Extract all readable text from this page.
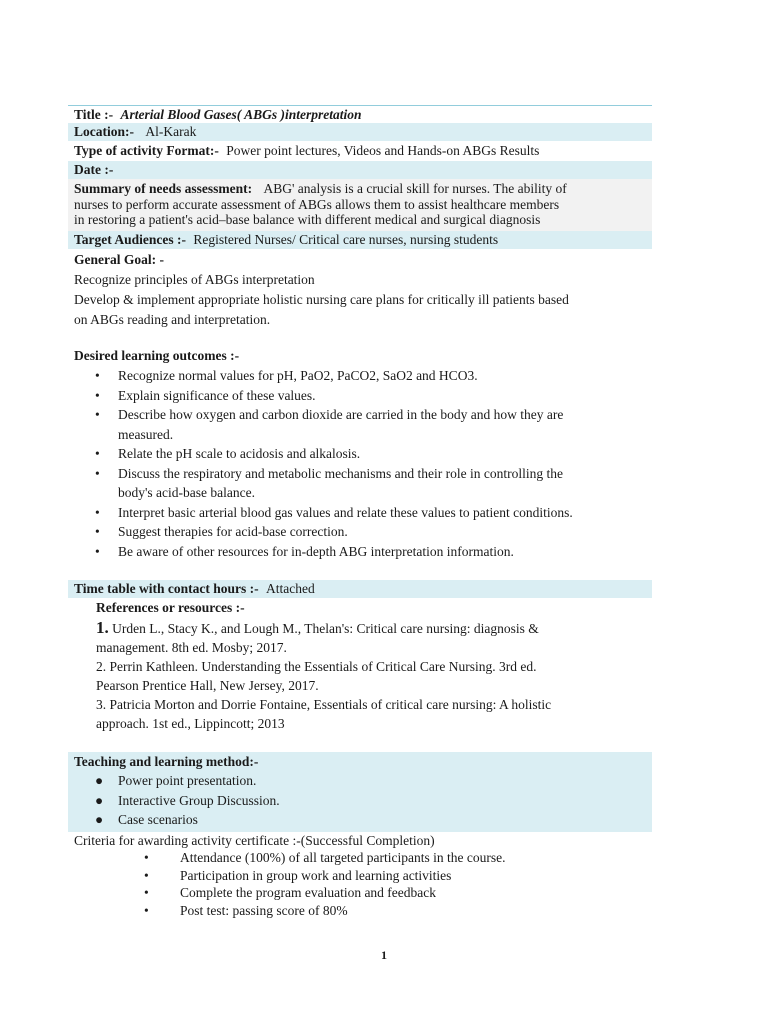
Title :- Arterial Blood Gases( ABGs )interpretation
Location:- Al-Karak
Type of activity Format:- Power point lectures, Videos and Hands-on ABGs Results
Date :-
Summary of needs assessment: ABG' analysis is a crucial skill for nurses. The ability of
nurses to perform accurate assessment of ABGs allows them to assist healthcare members
in restoring a patient's acid–base balance with different medical and surgical diagnosis
Target Audiences :- Registered Nurses/ Critical care nurses, nursing students
General Goal: -
Recognize principles of ABGs interpretation
Develop & implement appropriate holistic nursing care plans for critically ill patients based
on ABGs reading and interpretation.
Desired learning outcomes :-
• Recognize normal values for pH, PaO2, PaCO2, SaO2 and HCO3.
• Explain significance of these values.
• Describe how oxygen and carbon dioxide are carried in the body and how they are
measured.
• Relate the pH scale to acidosis and alkalosis.
• Discuss the respiratory and metabolic mechanisms and their role in controlling the
body's acid-base balance.
• Interpret basic arterial blood gas values and relate these values to patient conditions.
• Suggest therapies for acid-base correction.
• Be aware of other resources for in-depth ABG interpretation information.
Time table with contact hours :- Attached
References or resources :-
1. Urden L., Stacy K., and Lough M., Thelan's: Critical care nursing: diagnosis &
management. 8th ed. Mosby; 2017.
2. Perrin Kathleen. Understanding the Essentials of Critical Care Nursing. 3rd ed.
Pearson Prentice Hall, New Jersey, 2017.
3. Patricia Morton and Dorrie Fontaine, Essentials of critical care nursing: A holistic
approach. 1st ed., Lippincott; 2013
Teaching and learning method:-
● Power point presentation.
● Interactive Group Discussion.
● Case scenarios
Criteria for awarding activity certificate :-(Successful Completion)
• Attendance (100%) of all targeted participants in the course.
• Participation in group work and learning activities
• Complete the program evaluation and feedback
• Post test: passing score of 80%
1
